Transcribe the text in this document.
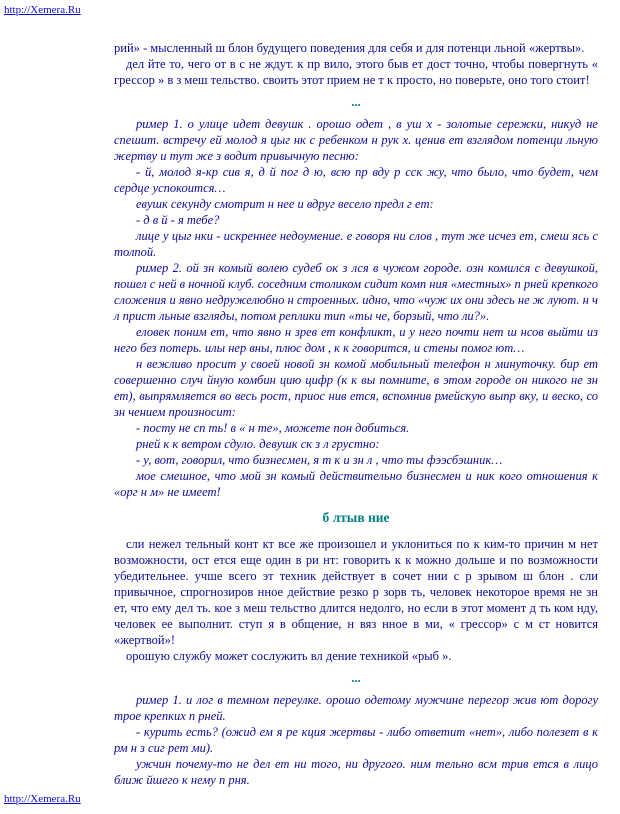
http://Xemera.Ru

рий» - мысленный ш блон будущего поведения для себя и для потенци льной «жертвы».

дел йте то, чего от в с не ждут. к пр вило, этого быв ет дост точно, чтобы повергнуть « грессор » в з меш тельство. своить этот прием не т к просто, но поверьте, оно того стоит!

...

ример 1. о улице идет девушк . орошо одет , в уш х - золотые сережки, никуд не спешит. встречу ей молод я цыг нк с ребенком н рук х. ценив ет взглядом потенци льную жертву и тут же з водит привычную песню:

- й, молод я-кр сив я, д й пог д ю, всю пр вду р сск жу, что было, что будет, чем сердце успокоится…

евушк секунду смотрит н нее и вдруг весело предл г ет:

- д в й - я тебе?

лице у цыг нки - искреннее недоумение. е говоря ни слов , тут же исчез ет, смеш ясь с толпой.

ример 2. ой зн комый волею судеб ок з лся в чужом городе. озн комился с девушкой, пошел с ней в ночной клуб. соседним столиком сидит комп ния «местных» п рней крепкого сложения и явно недружелюбно н строенных. идно, что «чуж их они здесь не ж луют. н ч л прист льные взгляды, потом реплики тип «ты че, борзый, что ли?».

еловек поним ет, что явно н зрев ет конфликт, и у него почти нет ш нсов выйти из него без потерь. илы нер вны, плюс дом , к к говорится, и стены помог ют…

н вежливо просит у своей новой зн комой мобильный телефон н минуточку. бир ет совершенно случ йную комбин цию цифр (к к вы помните, в этом городе он никого не зн ет), выпрямляется во весь рост, приос нив ется, вспомнив рмейскую выпр вку, и веско, со зн чением произносит:

- посту не сп ть! в « н те», можете пон добиться.

рней к к ветром сдуло. девушк ск з л грустно:

- у, вот, говорил, что бизнесмен, я т к и зн л , что ты фээсбэшник…

мое смешное, что мой зн комый действительно бизнесмен и ник кого отношения к «орг н м» не имеет!

б лтыв ние

сли нежел тельный конт кт все же произошел и уклониться по к ким-то причин м нет возможности, ост ется еще один в ри нт: говорить к к можно дольше и по возможности убедительнее. учше всего эт техник действует в сочет нии с р зрывом ш блон . сли привычное, спрогнозиров нное действие резко р зорв ть, человек некоторое время не зн ет, что ему дел ть. кое з меш тельство длится недолго, но если в этот момент д ть ком нду, человек ее выполнит. ступ я в общение, н вяз нное в ми, « грессор» с м ст новится «жертвой»!

орошую службу может сослужить вл дение техникой «рыб ».

...

ример 1. и лог в темном переулке. орошо одетому мужчине перегор жив ют дорогу трое крепких п рней.

- курить есть? (ожид ем я ре кция жертвы - либо ответит «нет», либо полезет в к рм н з сиг рет ми).

ужчин почему-то не дел ет ни того, ни другого. ним тельно всм трив ется в лицо ближ йшего к нему п рня.

http://Xemera.Ru
